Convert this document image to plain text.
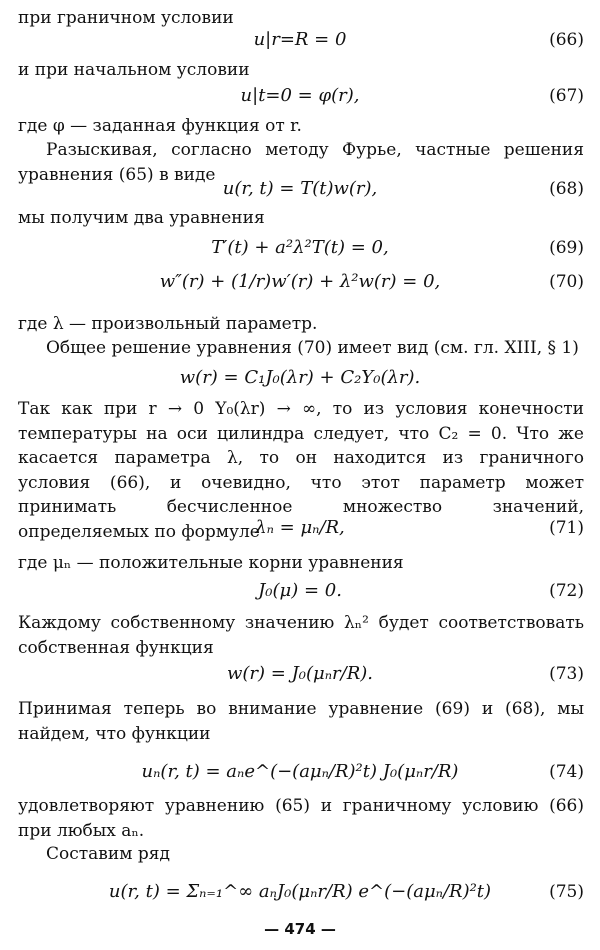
при граничном условии

u|r=R = 0	(66)

и при начальном условии

u|t=0 = φ(r),	(67)

где φ — заданная функция от r.

Разыскивая, согласно методу Фурье, частные решения уравнения (65) в виде

u(r, t) = T(t)w(r),	(68)

мы получим два уравнения

T′(t) + a²λ²T(t) = 0,	(69)
w″(r) + (1/r)w′(r) + λ²w(r) = 0,	(70)

где λ — произвольный параметр.

Общее решение уравнения (70) имеет вид (см. гл. XIII, § 1)

w(r) = C₁J₀(λr) + C₂Y₀(λr).

Так как при r → 0 Y₀(λr) → ∞, то из условия конечности температуры на оси цилиндра следует, что C₂ = 0. Что же касается параметра λ, то он находится из граничного условия (66), и очевидно, что этот параметр может принимать бесчисленное множество значений, определяемых по формуле

λₙ = μₙ/R,	(71)

где μₙ — положительные корни уравнения

J₀(μ) = 0.	(72)

Каждому собственному значению λₙ² будет соответствовать собственная функция

w(r) = J₀(μₙr/R).	(73)

Принимая теперь во внимание уравнение (69) и (68), мы найдем, что функции

uₙ(r, t) = aₙe^(−(aμₙ/R)²t) J₀(μₙr/R)	(74)

удовлетворяют уравнению (65) и граничному условию (66) при любых aₙ.

Составим ряд

u(r, t) = Σₙ₌₁^∞ aₙJ₀(μₙr/R) e^(−(aμₙ/R)²t)	(75)
— 474 —
